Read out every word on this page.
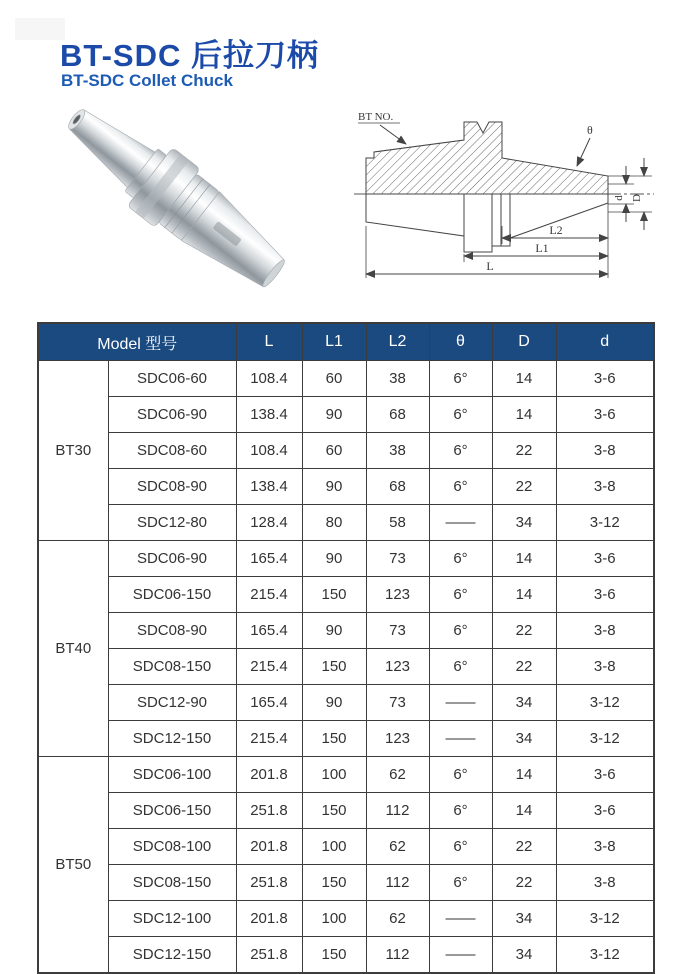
BT-SDC 后拉刀柄
BT-SDC Collet Chuck
BT NO.
θ
d D
L2
L1
L
Model 型号		L	L1	L2	θ	D	d
BT30	SDC06-60	108.4	60	38	6°	14	3-6
	SDC06-90	138.4	90	68	6°	14	3-6
	SDC08-60	108.4	60	38	6°	22	3-8
	SDC08-90	138.4	90	68	6°	22	3-8
	SDC12-80	128.4	80	58	——	34	3-12
BT40	SDC06-90	165.4	90	73	6°	14	3-6
	SDC06-150	215.4	150	123	6°	14	3-6
	SDC08-90	165.4	90	73	6°	22	3-8
	SDC08-150	215.4	150	123	6°	22	3-8
	SDC12-90	165.4	90	73	——	34	3-12
	SDC12-150	215.4	150	123	——	34	3-12
BT50	SDC06-100	201.8	100	62	6°	14	3-6
	SDC06-150	251.8	150	112	6°	14	3-6
	SDC08-100	201.8	100	62	6°	22	3-8
	SDC08-150	251.8	150	112	6°	22	3-8
	SDC12-100	201.8	100	62	——	34	3-12
	SDC12-150	251.8	150	112	——	34	3-12
